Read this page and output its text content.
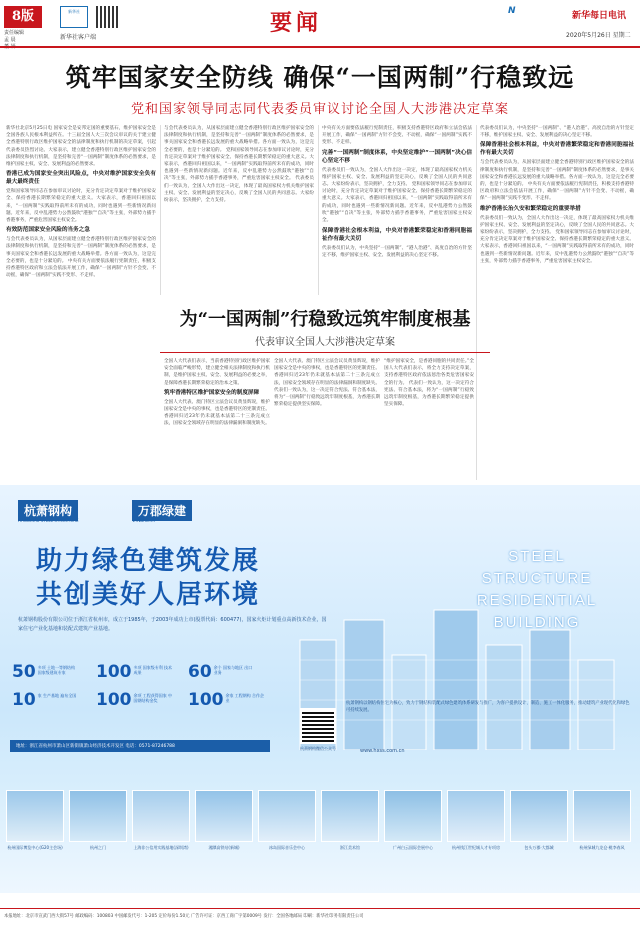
8版
责任编辑
孟 晨
新华社
新华社客户端
要闻	N	新华每日电讯
2020年5月26日 星期二
筑牢国家安全防线 确保“一国两制”行稳致远
党和国家领导同志同代表委员审议讨论全国人大涉港决定草案
新华社北京5月25日电 国家安全是安邦定国的重要基石，维护国家安全是全国各族人民根本利益所在。十三届全国人大三次会议审议的关于建立健全香港特别行政区维护国家安全的法律制度和执行机制的决定草案，引起代表委员热烈讨论。大家表示，建立健全香港特别行政区维护国家安全的法律制度和执行机制，是坚持和完善“一国两制”制度体系的必然要求，是维护国家主权、安全、发展利益的必然要求。
香港已成为国家安全突出风险点，中央对维护国家安全负有最大最终责任
党和国家领导同志在参加审议讨论时，充分肯定决定草案对于维护国家安全、保持香港长期繁荣稳定的重大意义。大家表示，香港回归祖国以来，“一国两制”实践取得前所未有的成功，同时也遇到一些新情况新问题。近年来，反中乱港势力公然鼓吹“港独”“自决”等主张，外部势力插手香港事务，严重危害国家主权安全。
有效防范国家安全风险的当务之急
与会代表委员认为，从国家层面建立健全香港特别行政区维护国家安全的法律制度和执行机制，是坚持和完善“一国两制”制度体系的必然要求，是事关国家安全和香港长远发展的重大战略举措。各方面一致认为，这是完全必要的，也是十分紧迫的。 中央有关方面要依法履行宪制责任，积极支持香港特区政府和立法会依法开展工作，确保“一国两制”方针不会变、不动摇，确保“一国两制”实践不变形、不走样。
与会代表委员认为，从国家层面建立健全香港特别行政区维护国家安全的法律制度和执行机制，是坚持和完善“一国两制”制度体系的必然要求，是事关国家安全和香港长远发展的重大战略举措。各方面一致认为，这是完全必要的，也是十分紧迫的。 党和国家领导同志在参加审议讨论时，充分肯定决定草案对于维护国家安全、保持香港长期繁荣稳定的重大意义。大家表示，香港回归祖国以来，“一国两制”实践取得前所未有的成功，同时也遇到一些新情况新问题。近年来，反中乱港势力公然鼓吹“港独”“自决”等主张，外部势力插手香港事务，严重危害国家主权安全。 代表委员们一致认为，全国人大作出这一决定，体现了最高国家权力机关维护国家主权、安全、发展利益的坚定决心，反映了全国人民的共同意志。大家纷纷表示，坚决拥护，全力支持。
中央有关方面要依法履行宪制责任，积极支持香港特区政府和立法会依法开展工作，确保“一国两制”方针不会变、不动摇，确保“一国两制”实践不变形、不走样。
完善“一国两制”制度体系，中央坚定维护“一国两制”决心信心坚定不移
代表委员们一致认为，全国人大作出这一决定，体现了最高国家权力机关维护国家主权、安全、发展利益的坚定决心，反映了全国人民的共同意志。大家纷纷表示，坚决拥护，全力支持。 党和国家领导同志在参加审议讨论时，充分肯定决定草案对于维护国家安全、保持香港长期繁荣稳定的重大意义。大家表示，香港回归祖国以来，“一国两制”实践取得前所未有的成功，同时也遇到一些新情况新问题。近年来，反中乱港势力公然鼓吹“港独”“自决”等主张，外部势力插手香港事务，严重危害国家主权安全。
代表委员们认为，中央坚持“一国两制”、“港人治港”、高度自治的方针坚定不移，维护国家主权、安全、发展利益的决心坚定不移。
保障香港社会根本利益，中央对香港繁荣稳定和香港同胞福祉作有最大关切
与会代表委员认为，从国家层面建立健全香港特别行政区维护国家安全的法律制度和执行机制，是坚持和完善“一国两制”制度体系的必然要求，是事关国家安全和香港长远发展的重大战略举措。各方面一致认为，这是完全必要的，也是十分紧迫的。 中央有关方面要依法履行宪制责任，积极支持香港特区政府和立法会依法开展工作，确保“一国两制”方针不会变、不动摇，确保“一国两制”实践不变形、不走样。
维护香港长治久安和繁荣稳定的重要举措
代表委员们一致认为，全国人大作出这一决定，体现了最高国家权力机关维护国家主权、安全、发展利益的坚定决心，反映了全国人民的共同意志。大家纷纷表示，坚决拥护，全力支持。 党和国家领导同志在参加审议讨论时，充分肯定决定草案对于维护国家安全、保持香港长期繁荣稳定的重大意义。大家表示，香港回归祖国以来，“一国两制”实践取得前所未有的成功，同时也遇到一些新情况新问题。近年来，反中乱港势力公然鼓吹“港独”“自决”等主张，外部势力插手香港事务，严重危害国家主权安全。
保障香港社会根本利益，中央对香港繁荣稳定和香港同胞福祉作有最大关切
代表委员们认为，中央坚持“一国两制”、“港人治港”、高度自治的方针坚定不移，维护国家主权、安全、发展利益的决心坚定不移。
为“一国两制”行稳致远筑牢制度根基
代表审议全国人大涉港决定草案
全国人大代表们表示，当前香港特别行政区维护国家安全面临严峻形势，建立健全相关法律制度和执行机制，是维护国家主权、安全、发展利益的必要之举，是保障香港长期繁荣稳定的治本之策。
筑牢香港特区维护国家安全的制度屏障
全国人大代表、澳门特区立法会议员黄显辉说，维护国家安全是中央的事权，也是香港特区的宪制责任。香港回归近23年仍未就基本法第二十三条完成立法，国家安全领域存在明显的法律漏洞和制度缺失。
全国人大代表、澳门特区立法会议员黄显辉说，维护国家安全是中央的事权，也是香港特区的宪制责任。香港回归近23年仍未就基本法第二十三条完成立法，国家安全领域存在明显的法律漏洞和制度缺失。 代表们一致认为，这一决定符合宪法、符合基本法，将为“一国两制”行稳致远筑牢制度根基，为香港长期繁荣稳定提供坚实保障。
“维护国家安全，是香港同胞的共同责任。”全国人大代表们表示，将全力支持决定草案，支持香港特区政府依法惩治各类危害国家安全的行为。 代表们一致认为，这一决定符合宪法、符合基本法，将为“一国两制”行稳致远筑牢制度根基，为香港长期繁荣稳定提供坚实保障。
杭萧钢构
HANGXIAO STEEL STRUCTURE
万郡绿建
VANDREAM
助力绿色建筑发展
共创美好人居环境
STEEL STRUCTURE
RESIDENTIAL
BUILDING
杭萧钢构股份有限公司位于浙江省杭州市，成立于1985年，于2003年成功上市(股票代码：600477)，国家火炬计划重点高新技术企业，国家住宅产业化基地和装配式建筑产业基地。
50 多项 土地一等钢结构 国家级建筑专家	100 多项 国家级专利 技术成果	60 余个 国家与地区 出口业务
10 家 生产基地 遍布全国 100 余项 工程获得国家 中国钢结构金奖	100 余家 工程钢构 合作企业
地址：浙江省杭州市萧山区新街镇萧山经济技术开发区 电话：0571-87246788	杭萧钢构微信公众号	www.hxss.com.cn
杭萧钢构以钢结构住宅为核心，致力于钢结构装配式绿色建筑体系研发与推广，为客户提供设计、制造、施工一体化服务，推动建筑产业现代化和绿色可持续发展。
杭州国际博览中心(G20主会场)	杭州之门	上海非公信用实践基地(深圳湾)	湘潭高铁站(新城)	冰岛国际音乐会中心	浙江美术馆	广州白云国际会展中心	杭州钱江世纪城人才专项房	包头万郡·大都城	杭州绿城九龙仓·桃李春风
本报地址：北京市宣武门西大街57号 邮政编码：100803 中国邮发代号：1-205 定价每份1.50元 广告许可证：京西工商广字第0009号 发行：全国各地邮局 印刷：新华社印务有限责任公司
